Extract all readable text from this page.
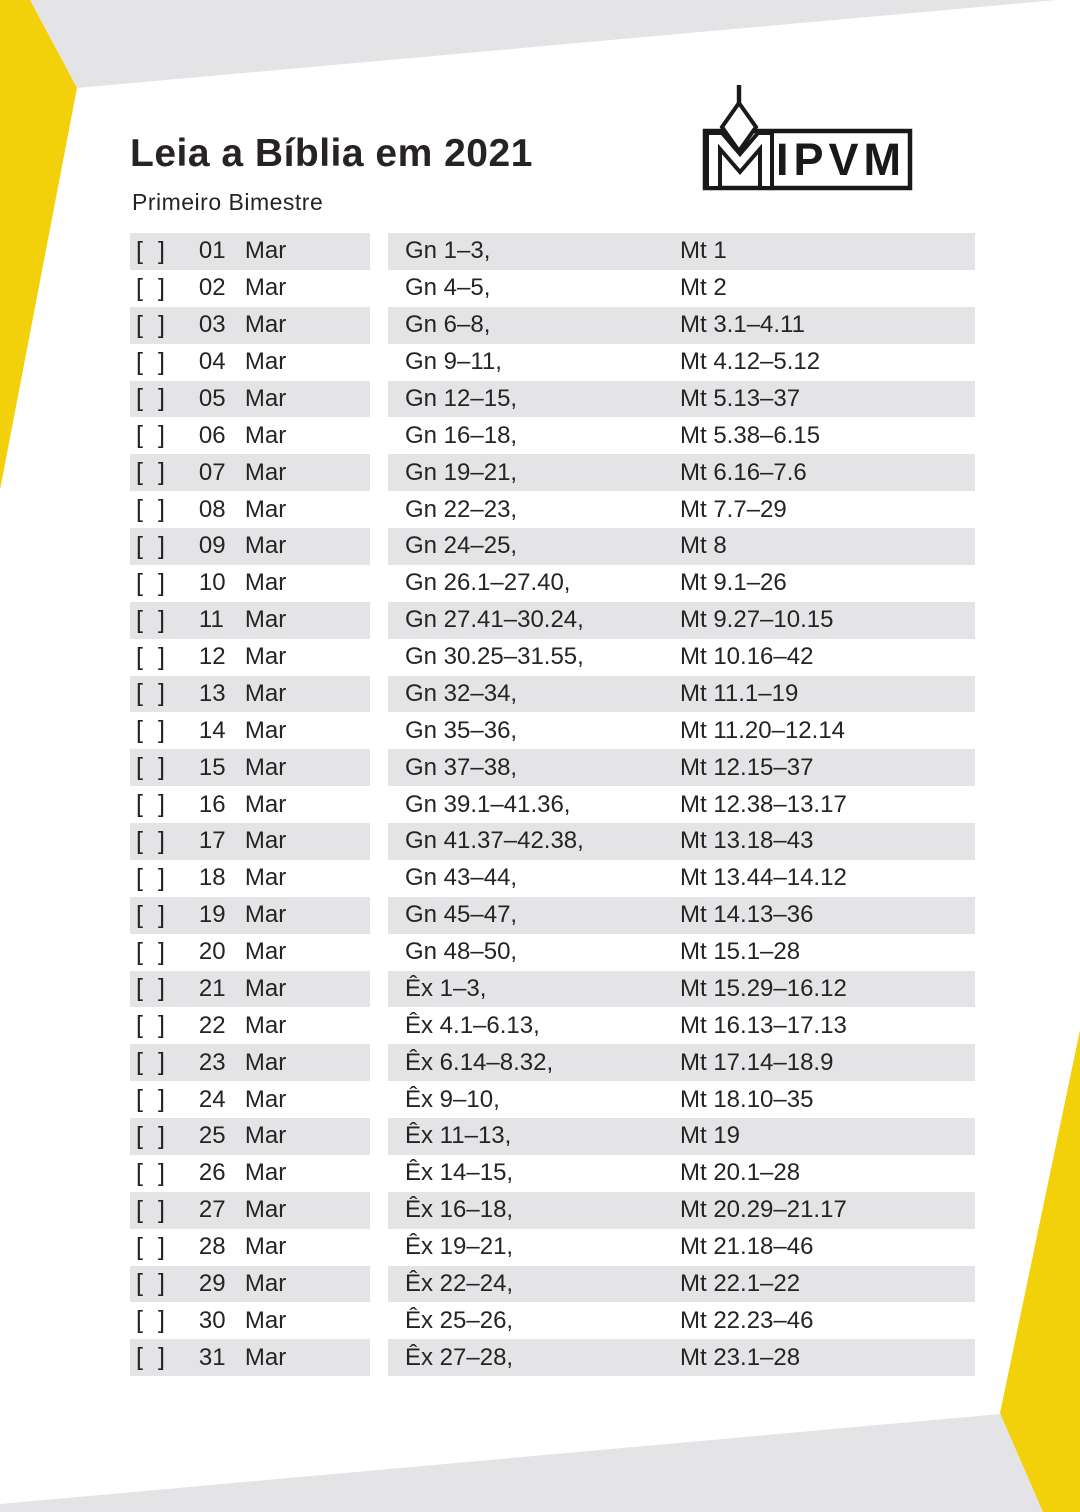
Leia a Bíblia em 2021
Primeiro Bimestre
IPVM
[ ] 01 Mar	Gn 1–3,	Mt 1
[ ] 02 Mar	Gn 4–5,	Mt 2
[ ] 03 Mar	Gn 6–8,	Mt 3.1–4.11
[ ] 04 Mar	Gn 9–11,	Mt 4.12–5.12
[ ] 05 Mar	Gn 12–15,	Mt 5.13–37
[ ] 06 Mar	Gn 16–18,	Mt 5.38–6.15
[ ] 07 Mar	Gn 19–21,	Mt 6.16–7.6
[ ] 08 Mar	Gn 22–23,	Mt 7.7–29
[ ] 09 Mar	Gn 24–25,	Mt 8
[ ] 10 Mar	Gn 26.1–27.40,	Mt 9.1–26
[ ] 11 Mar	Gn 27.41–30.24,	Mt 9.27–10.15
[ ] 12 Mar	Gn 30.25–31.55,	Mt 10.16–42
[ ] 13 Mar	Gn 32–34,	Mt 11.1–19
[ ] 14 Mar	Gn 35–36,	Mt 11.20–12.14
[ ] 15 Mar	Gn 37–38,	Mt 12.15–37
[ ] 16 Mar	Gn 39.1–41.36,	Mt 12.38–13.17
[ ] 17 Mar	Gn 41.37–42.38,	Mt 13.18–43
[ ] 18 Mar	Gn 43–44,	Mt 13.44–14.12
[ ] 19 Mar	Gn 45–47,	Mt 14.13–36
[ ] 20 Mar	Gn 48–50,	Mt 15.1–28
[ ] 21 Mar	Êx 1–3,	Mt 15.29–16.12
[ ] 22 Mar	Êx 4.1–6.13,	Mt 16.13–17.13
[ ] 23 Mar	Êx 6.14–8.32,	Mt 17.14–18.9
[ ] 24 Mar	Êx 9–10,	Mt 18.10–35
[ ] 25 Mar	Êx 11–13,	Mt 19
[ ] 26 Mar	Êx 14–15,	Mt 20.1–28
[ ] 27 Mar	Êx 16–18,	Mt 20.29–21.17
[ ] 28 Mar	Êx 19–21,	Mt 21.18–46
[ ] 29 Mar	Êx 22–24,	Mt 22.1–22
[ ] 30 Mar	Êx 25–26,	Mt 22.23–46
[ ] 31 Mar	Êx 27–28,	Mt 23.1–28
